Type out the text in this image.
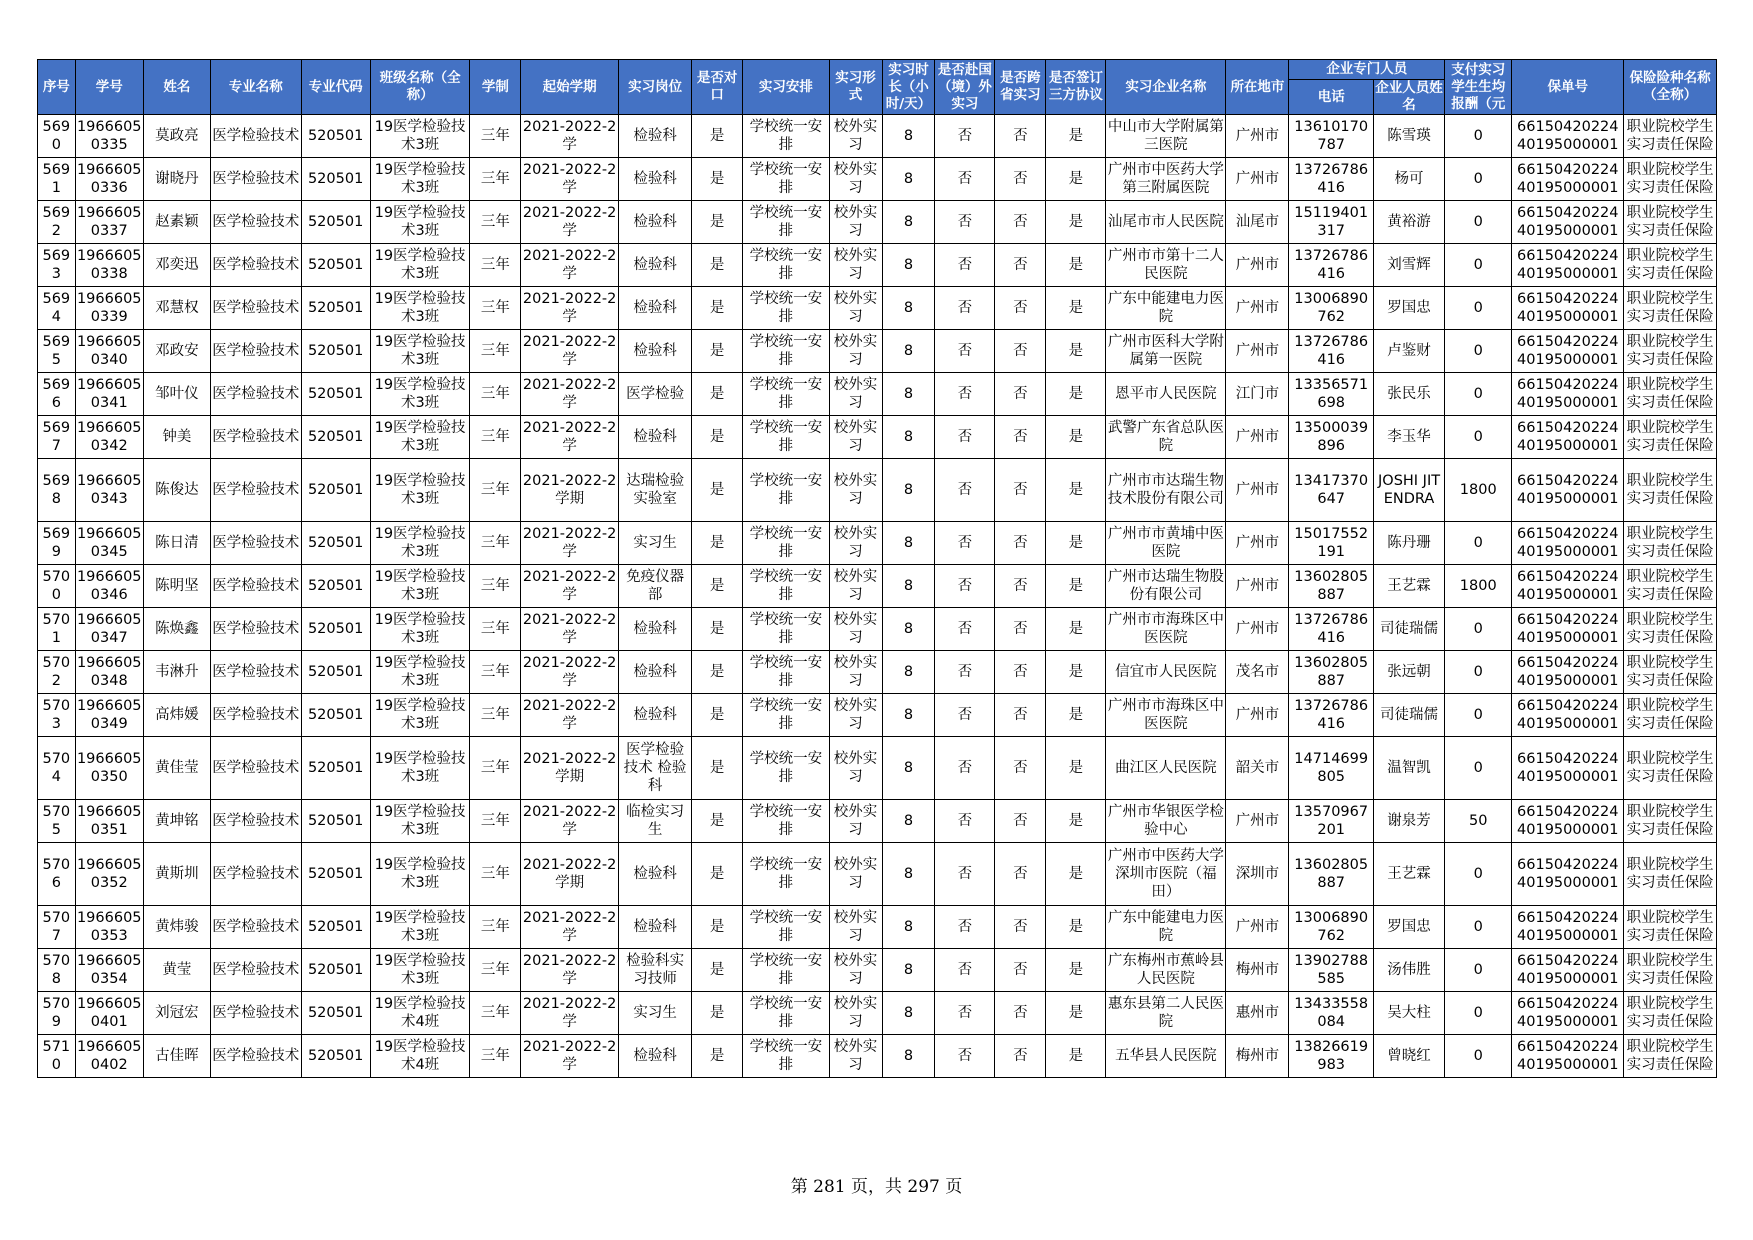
序号	学号	姓名	专业名称	专业代码	班级名称（全称）	学制	起始学期	实习岗位	是否对口	实习安排	实习形式	实习时长（小时/天）	是否赴国（境）外实习	是否跨省实习	是否签订三方协议	实习企业名称	所在地市	企业专门人员		支付实习学生生均报酬（元	保单号	保险险种名称（全称）
																		电话	企业人员姓名			

5690	19666050335	莫政亮	医学检验技术	520501	19医学检验技术3班	三年	2021-2022-2学	检验科	是	学校统一安排	校外实习	8	否	否	是	中山市大学附属第三医院	广州市	13610170787	陈雪瑛	0	6615042022440195000001	职业院校学生实习责任保险

5691	19666050336	谢晓丹	医学检验技术	520501	19医学检验技术3班	三年	2021-2022-2学	检验科	是	学校统一安排	校外实习	8	否	否	是	广州市中医药大学第三附属医院	广州市	13726786416	杨可	0	6615042022440195000001	职业院校学生实习责任保险

5692	19666050337	赵素颖	医学检验技术	520501	19医学检验技术3班	三年	2021-2022-2学	检验科	是	学校统一安排	校外实习	8	否	否	是	汕尾市市人民医院	汕尾市	15119401317	黄裕游	0	6615042022440195000001	职业院校学生实习责任保险

5693	19666050338	邓奕迅	医学检验技术	520501	19医学检验技术3班	三年	2021-2022-2学	检验科	是	学校统一安排	校外实习	8	否	否	是	广州市市第十二人民医院	广州市	13726786416	刘雪辉	0	6615042022440195000001	职业院校学生实习责任保险

5694	19666050339	邓慧权	医学检验技术	520501	19医学检验技术3班	三年	2021-2022-2学	检验科	是	学校统一安排	校外实习	8	否	否	是	广东中能建电力医院	广州市	13006890762	罗国忠	0	6615042022440195000001	职业院校学生实习责任保险

5695	19666050340	邓政安	医学检验技术	520501	19医学检验技术3班	三年	2021-2022-2学	检验科	是	学校统一安排	校外实习	8	否	否	是	广州市医科大学附属第一医院	广州市	13726786416	卢鉴财	0	6615042022440195000001	职业院校学生实习责任保险

5696	19666050341	邹叶仪	医学检验技术	520501	19医学检验技术3班	三年	2021-2022-2学	医学检验	是	学校统一安排	校外实习	8	否	否	是	恩平市人民医院	江门市	13356571698	张民乐	0	6615042022440195000001	职业院校学生实习责任保险

5697	19666050342	钟美	医学检验技术	520501	19医学检验技术3班	三年	2021-2022-2学	检验科	是	学校统一安排	校外实习	8	否	否	是	武警广东省总队医院	广州市	13500039896	李玉华	0	6615042022440195000001	职业院校学生实习责任保险

5698	19666050343	陈俊达	医学检验技术	520501	19医学检验技术3班	三年	2021-2022-2学期	达瑞检验实验室	是	学校统一安排	校外实习	8	否	否	是	广州市市达瑞生物技术股份有限公司	广州市	13417370647	JOSHI JITENDRA	1800	6615042022440195000001	职业院校学生实习责任保险

5699	19666050345	陈日清	医学检验技术	520501	19医学检验技术3班	三年	2021-2022-2学	实习生	是	学校统一安排	校外实习	8	否	否	是	广州市市黄埔中医医院	广州市	15017552191	陈丹珊	0	6615042022440195000001	职业院校学生实习责任保险

5700	19666050346	陈明坚	医学检验技术	520501	19医学检验技术3班	三年	2021-2022-2学	免疫仪器部	是	学校统一安排	校外实习	8	否	否	是	广州市达瑞生物股份有限公司	广州市	13602805887	王艺霖	1800	6615042022440195000001	职业院校学生实习责任保险

5701	19666050347	陈焕鑫	医学检验技术	520501	19医学检验技术3班	三年	2021-2022-2学	检验科	是	学校统一安排	校外实习	8	否	否	是	广州市市海珠区中医医院	广州市	13726786416	司徒瑞儒	0	6615042022440195000001	职业院校学生实习责任保险

5702	19666050348	韦淋升	医学检验技术	520501	19医学检验技术3班	三年	2021-2022-2学	检验科	是	学校统一安排	校外实习	8	否	否	是	信宜市人民医院	茂名市	13602805887	张远朝	0	6615042022440195000001	职业院校学生实习责任保险

5703	19666050349	高炜媛	医学检验技术	520501	19医学检验技术3班	三年	2021-2022-2学	检验科	是	学校统一安排	校外实习	8	否	否	是	广州市市海珠区中医医院	广州市	13726786416	司徒瑞儒	0	6615042022440195000001	职业院校学生实习责任保险

5704	19666050350	黄佳莹	医学检验技术	520501	19医学检验技术3班	三年	2021-2022-2学期	医学检验技术 检验科	是	学校统一安排	校外实习	8	否	否	是	曲江区人民医院	韶关市	14714699805	温智凯	0	6615042022440195000001	职业院校学生实习责任保险

5705	19666050351	黄坤铭	医学检验技术	520501	19医学检验技术3班	三年	2021-2022-2学	临检实习生	是	学校统一安排	校外实习	8	否	否	是	广州市华银医学检验中心	广州市	13570967201	谢泉芳	50	6615042022440195000001	职业院校学生实习责任保险

5706	19666050352	黄斯圳	医学检验技术	520501	19医学检验技术3班	三年	2021-2022-2学期	检验科	是	学校统一安排	校外实习	8	否	否	是	广州市中医药大学深圳市医院（福田）	深圳市	13602805887	王艺霖	0	6615042022440195000001	职业院校学生实习责任保险

5707	19666050353	黄炜骏	医学检验技术	520501	19医学检验技术3班	三年	2021-2022-2学	检验科	是	学校统一安排	校外实习	8	否	否	是	广东中能建电力医院	广州市	13006890762	罗国忠	0	6615042022440195000001	职业院校学生实习责任保险

5708	19666050354	黄莹	医学检验技术	520501	19医学检验技术3班	三年	2021-2022-2学	检验科实习技师	是	学校统一安排	校外实习	8	否	否	是	广东梅州市蕉岭县人民医院	梅州市	13902788585	汤伟胜	0	6615042022440195000001	职业院校学生实习责任保险

5709	19666050401	刘冠宏	医学检验技术	520501	19医学检验技术4班	三年	2021-2022-2学	实习生	是	学校统一安排	校外实习	8	否	否	是	惠东县第二人民医院	惠州市	13433558084	吴大柱	0	6615042022440195000001	职业院校学生实习责任保险

5710	19666050402	古佳晖	医学检验技术	520501	19医学检验技术4班	三年	2021-2022-2学	检验科	是	学校统一安排	校外实习	8	否	否	是	五华县人民医院	梅州市	13826619983	曾晓红	0	6615042022440195000001	职业院校学生实习责任保险
第 281 页，共 297 页
